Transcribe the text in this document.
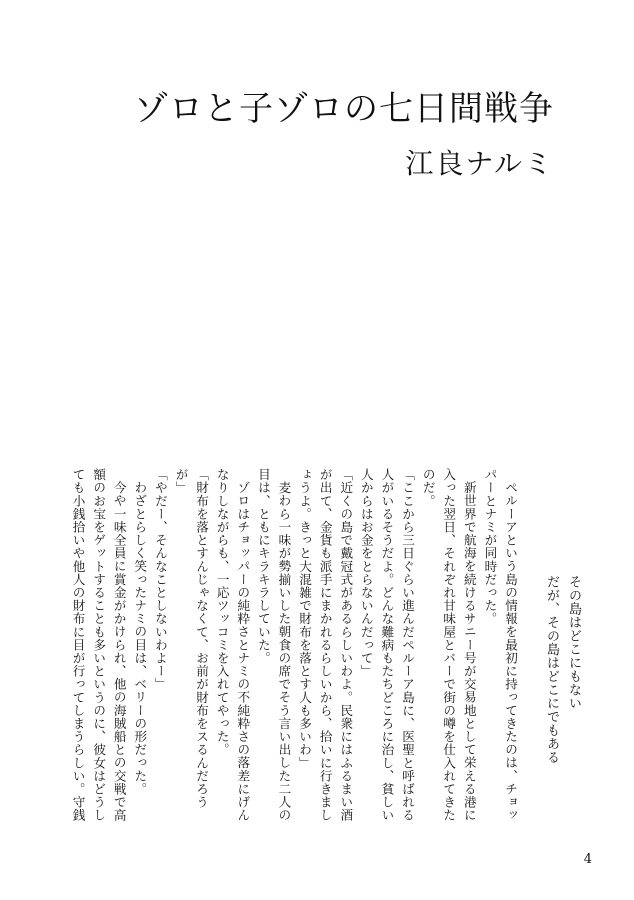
ゾロと子ゾロの七日間戦争
江良ナルミ
その島はどこにもない
だが、その島はどこにでもある

ペルーアという島の情報を最初に持ってきたのは、チョッパーとナミが同時だった。

新世界で航海を続けるサニー号が交易地として栄える港に入った翌日、それぞれ甘味屋とバーで街の噂を仕入れてきたのだ。

「ここから三日ぐらい進んだペルーア島に、医聖と呼ばれる人がいるそうだよ。どんな難病もたちどころに治し、貧しい人からはお金をとらないんだって」

「近くの島で戴冠式があるらしいわよ。民衆にはふるまい酒が出て、金貨も派手にまかれるらしいから、拾いに行きましょうよ。きっと大混雑で財布を落とす人も多いわ」

麦わら一味が勢揃いした朝食の席でそう言い出した二人の目は、ともにキラキラしていた。

ゾロはチョッパーの純粋さとナミの不純粋さの落差にげんなりしながらも、一応ツッコミを入れてやった。

「財布を落とすんじゃなくて、お前が財布をスるんだろうが」

「やだー、そんなことしないわよー」

わざとらしく笑ったナミの目は、ベリーの形だった。

今や一味全員に賞金がかけられ、他の海賊船との交戦で高額のお宝をゲットすることも多いというのに、彼女はどうしても小銭拾いや他人の財布に目が行ってしまうらしい。守銭

4
